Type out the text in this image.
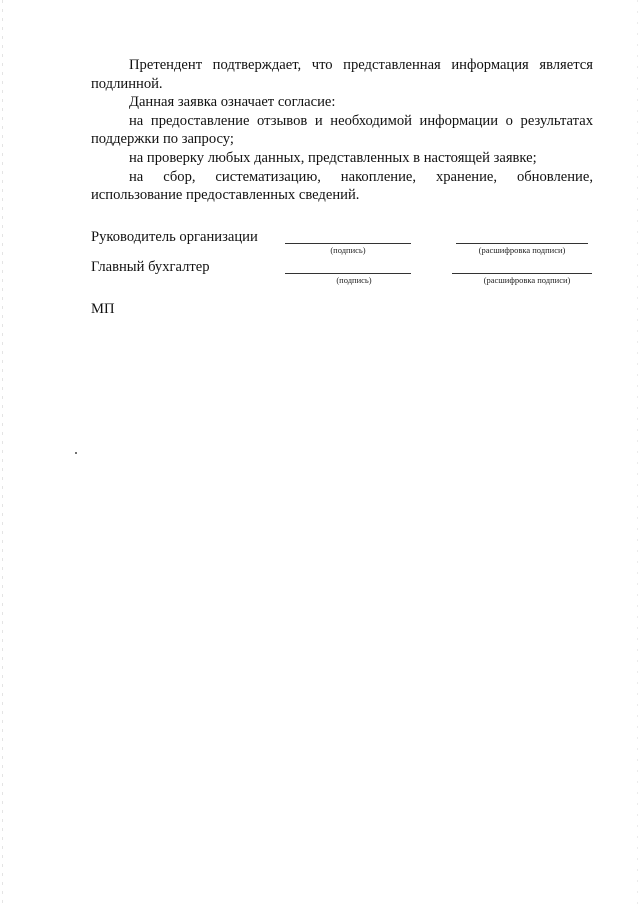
Претендент подтверждает, что представленная информация является подлинной.

Данная заявка означает согласие:

на предоставление отзывов и необходимой информации о результатах поддержки по запросу;

на проверку любых данных, представленных в настоящей заявке;

на сбор, систематизацию, накопление, хранение, обновление, использование предоставленных сведений.

Руководитель организации
(подпись)	(расшифровка подписи)
Главный бухгалтер
(подпись)	(расшифровка подписи)
МП
